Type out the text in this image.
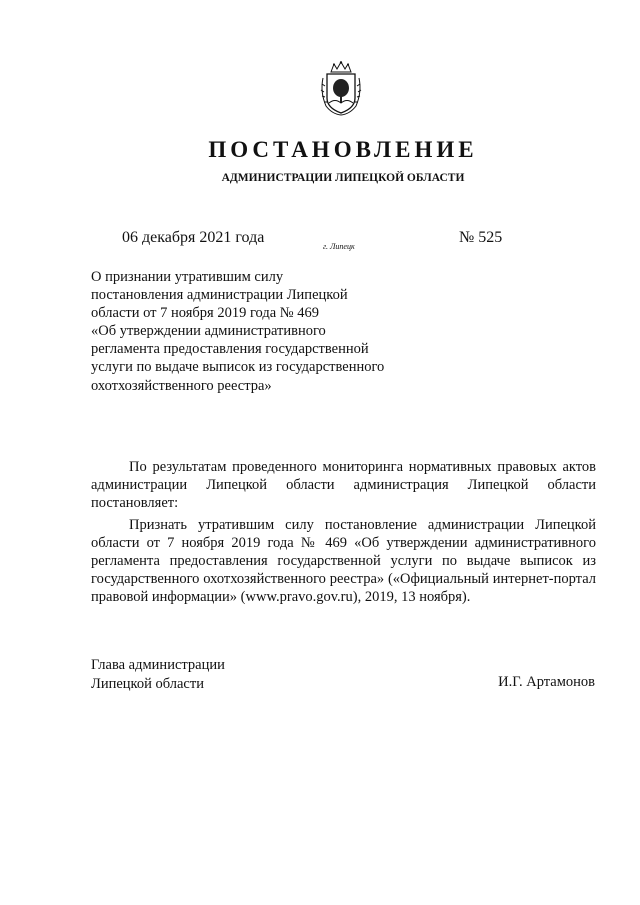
ПОСТАНОВЛЕНИЕ
АДМИНИСТРАЦИИ ЛИПЕЦКОЙ ОБЛАСТИ
06 декабря 2021 года
г. Липецк
№ 525
О признании утратившим силу
постановления администрации Липецкой
области от 7 ноября 2019 года № 469
«Об утверждении административного
регламента предоставления государственной
услуги по выдаче выписок из государственного
охотхозяйственного реестра»

По результатам проведенного мониторинга нормативных правовых актов администрации Липецкой области администрация Липецкой области постановляет:

Признать утратившим силу постановление администрации Липецкой области от 7 ноября 2019 года № 469 «Об утверждении административного регламента предоставления государственной услуги по выдаче выписок из государственного охотхозяйственного реестра» («Официальный интернет-портал правовой информации» (www.pravo.gov.ru), 2019, 13 ноября).

Глава администрации
Липецкой области	И.Г. Артамонов
